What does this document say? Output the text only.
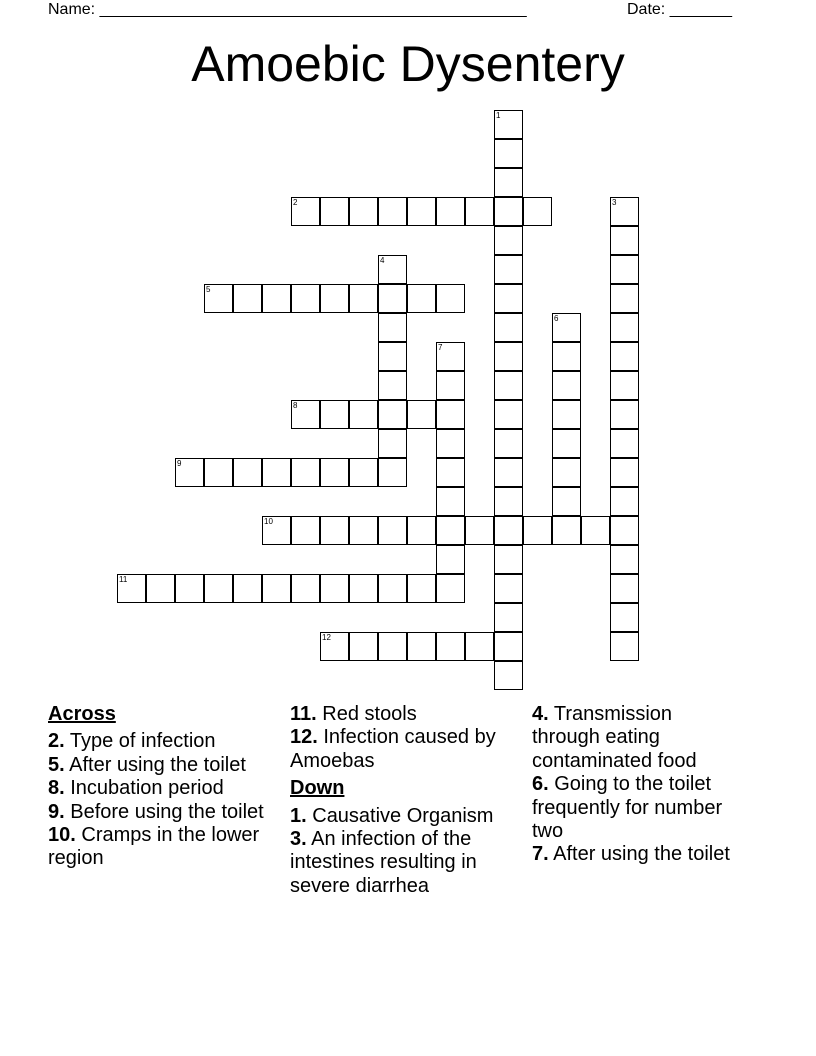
Name: ________________________________________________	Date: _______
Amoebic Dysentery
1
2	3
4
5
6
7
8
9
10
11
12
Across

2. Type of infection

5. After using the toilet

8. Incubation period

9. Before using the toilet

10. Cramps in the lower region

11. Red stools

12. Infection caused by Amoebas

Down

1. Causative Organism

3. An infection of the intestines resulting in severe diarrhea

4. Transmission through eating contaminated food

6. Going to the toilet frequently for number two

7. After using the toilet
